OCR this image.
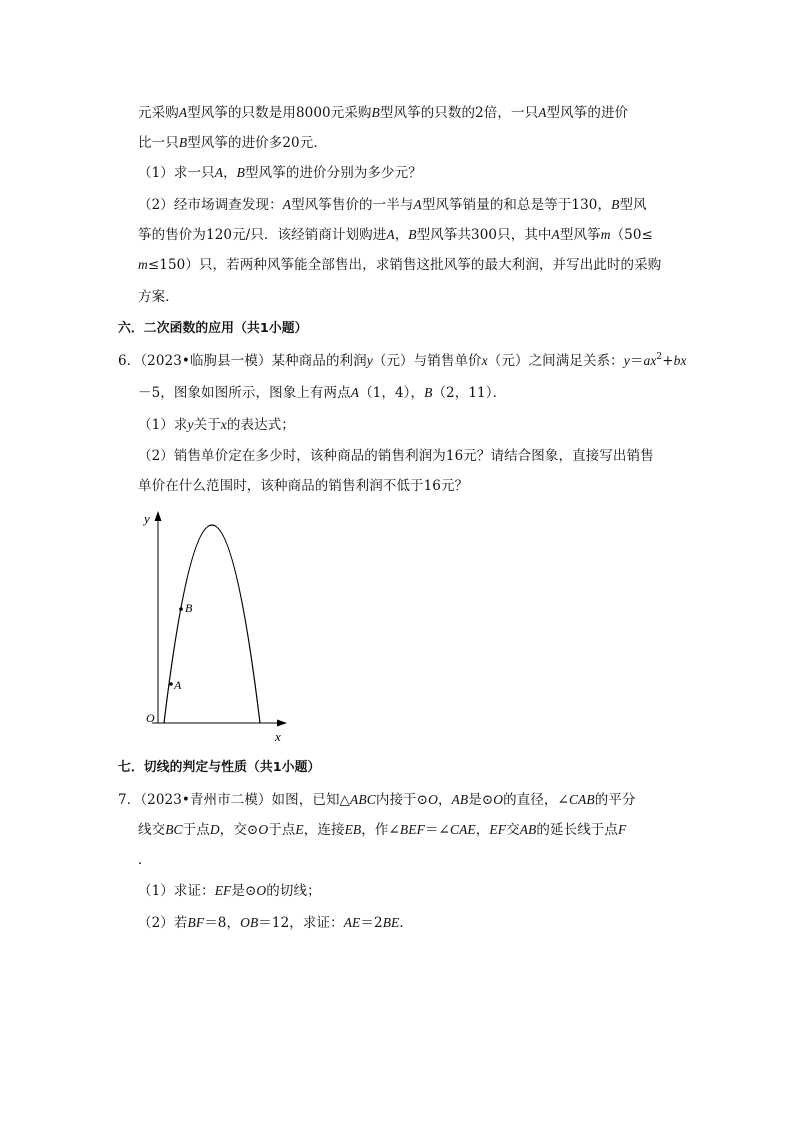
元采购A型风筝的只数是用8000元采购B型风筝的只数的2倍，一只A型风筝的进价
比一只B型风筝的进价多20元．
（1）求一只A，B型风筝的进价分别为多少元？
（2）经市场调查发现：A型风筝售价的一半与A型风筝销量的和总是等于130，B型风
筝的售价为120元/只．该经销商计划购进A，B型风筝共300只，其中A型风筝m（50≤
m≤150）只，若两种风筝能全部售出，求销售这批风筝的最大利润，并写出此时的采购
方案．
六．二次函数的应用（共1小题）
6．（2023•临朐县一模）某种商品的利润y（元）与销售单价x（元）之间满足关系：$y=ax^2+bx$
－5，图象如图所示，图象上有两点A（1，4），B（2，11）．
（1）求y关于x的表达式；
（2）销售单价定在多少时，该种商品的销售利润为16元？请结合图象，直接写出销售
单价在什么范围时，该种商品的销售利润不低于16元？
y
x
O
A
B
七．切线的判定与性质（共1小题）
7．（2023•青州市二模）如图，已知△ABC内接于⊙O，AB是⊙O的直径，∠CAB的平分
线交BC于点D，交⊙O于点E，连接EB，作∠BEF＝∠CAE，EF交AB的延长线于点F
．
（1）求证：EF是⊙O的切线；
（2）若BF＝8，OB＝12，求证：AE＝2BE．
